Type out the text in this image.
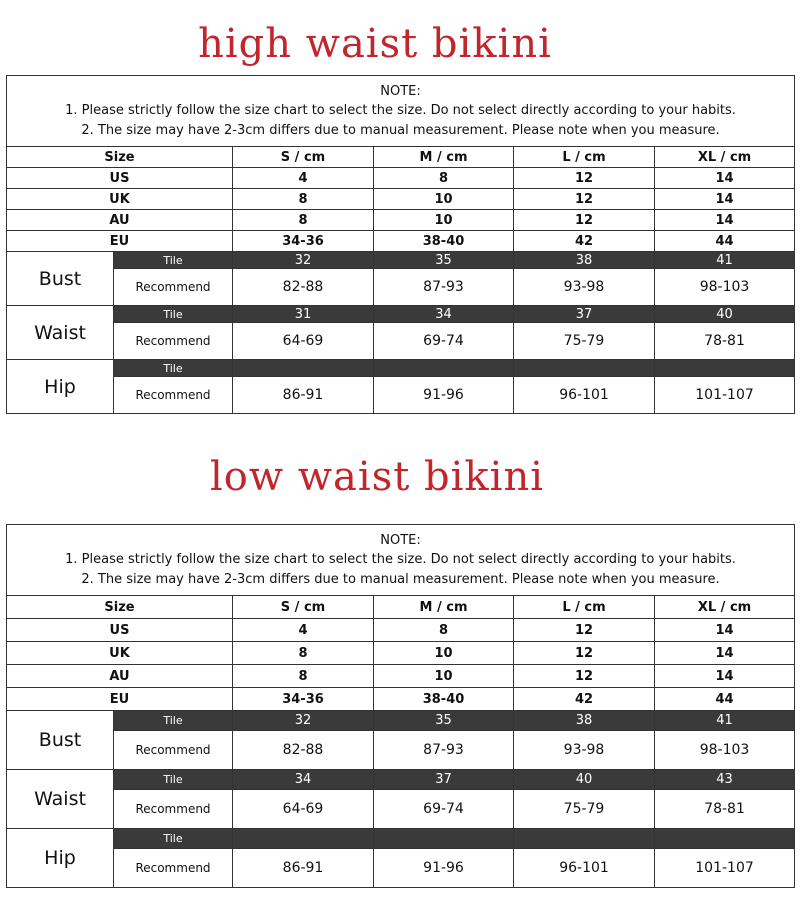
high waist bikini
NOTE:
1. Please strictly follow the size chart to select the size. Do not select directly according to your habits.
2. The size may have 2-3cm differs due to manual measurement. Please note when you measure.					

Size		S / cm	M / cm	L / cm	XL / cm
US		4	8	12	14
UK		8	10	12	14
AU		8	10	12	14
EU		34-36	38-40	42	44
Bust	Tile	32	35	38	41
	Recommend	82-88	87-93	93-98	98-103
Waist	Tile	31	34	37	40
	Recommend	64-69	69-74	75-79	78-81
Hip	Tile				
	Recommend	86-91	91-96	96-101	101-107
low waist bikini
NOTE:
1. Please strictly follow the size chart to select the size. Do not select directly according to your habits.
2. The size may have 2-3cm differs due to manual measurement. Please note when you measure.					

Size		S / cm	M / cm	L / cm	XL / cm
US		4	8	12	14
UK		8	10	12	14
AU		8	10	12	14
EU		34-36	38-40	42	44
Bust	Tile	32	35	38	41
	Recommend	82-88	87-93	93-98	98-103
Waist	Tile	34	37	40	43
	Recommend	64-69	69-74	75-79	78-81
Hip	Tile				
	Recommend	86-91	91-96	96-101	101-107
